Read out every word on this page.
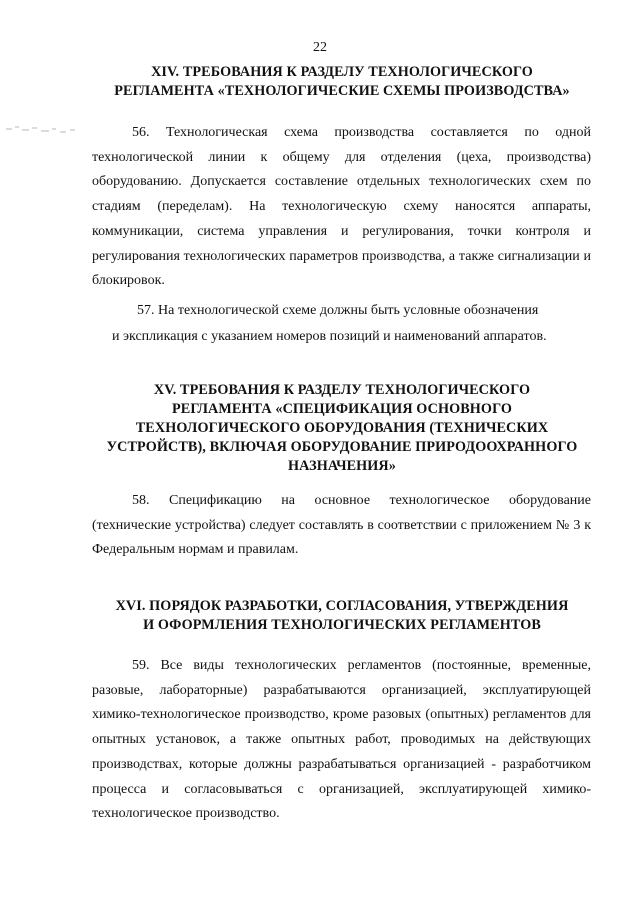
22
XIV. ТРЕБОВАНИЯ К РАЗДЕЛУ ТЕХНОЛОГИЧЕСКОГО
РЕГЛАМЕНТА «ТЕХНОЛОГИЧЕСКИЕ СХЕМЫ ПРОИЗВОДСТВА»

56. Технологическая схема производства составляется по одной технологической линии к общему для отделения (цеха, производства) оборудованию. Допускается составление отдельных технологических схем по стадиям (переделам). На технологическую схему наносятся аппараты, коммуникации, система управления и регулирования, точки контроля и регулирования технологических параметров производства, а также сигнализации и блокировок.

57. На технологической схеме должны быть условные обозначения
и экспликация с указанием номеров позиций и наименований аппаратов.
XV. ТРЕБОВАНИЯ К РАЗДЕЛУ ТЕХНОЛОГИЧЕСКОГО
РЕГЛАМЕНТА «СПЕЦИФИКАЦИЯ ОСНОВНОГО
ТЕХНОЛОГИЧЕСКОГО ОБОРУДОВАНИЯ (ТЕХНИЧЕСКИХ
УСТРОЙСТВ), ВКЛЮЧАЯ ОБОРУДОВАНИЕ ПРИРОДООХРАННОГО
НАЗНАЧЕНИЯ»

58. Спецификацию на основное технологическое оборудование (технические устройства) следует составлять в соответствии с приложением № 3 к Федеральным нормам и правилам.

XVI. ПОРЯДОК РАЗРАБОТКИ, СОГЛАСОВАНИЯ, УТВЕРЖДЕНИЯ
И ОФОРМЛЕНИЯ ТЕХНОЛОГИЧЕСКИХ РЕГЛАМЕНТОВ

59. Все виды технологических регламентов (постоянные, временные, разовые, лабораторные) разрабатываются организацией, эксплуатирующей химико-технологическое производство, кроме разовых (опытных) регламентов для опытных установок, а также опытных работ, проводимых на действующих производствах, которые должны разрабатываться организацией - разработчиком процесса и согласовываться с организацией, эксплуатирующей химико-технологическое производство.
